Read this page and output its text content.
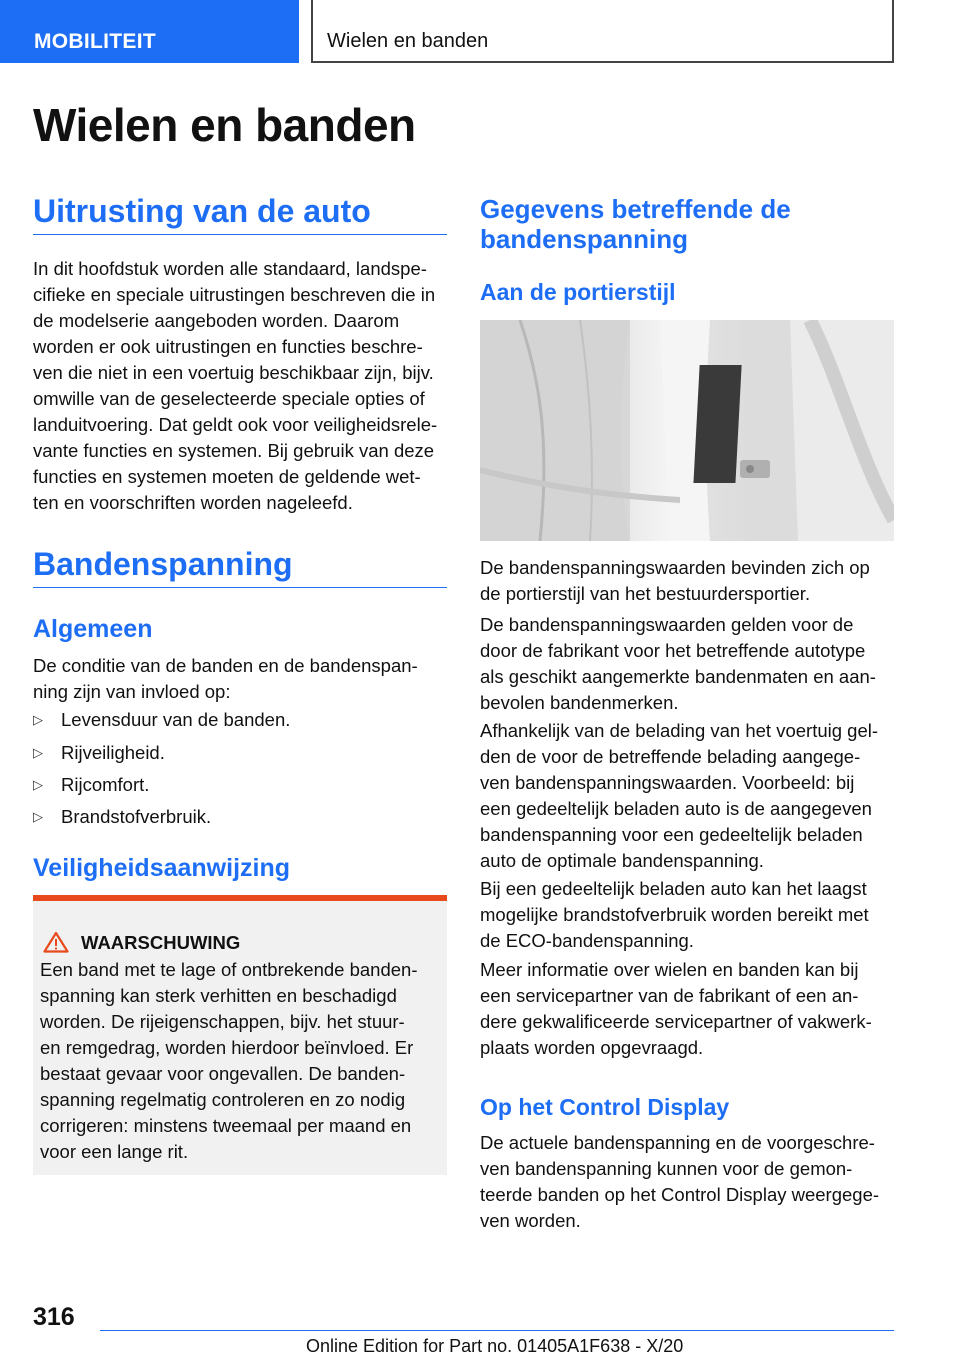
MOBILITEIT	Wielen en banden
Wielen en banden
Uitrusting van de auto
In dit hoofdstuk worden alle standaard, landspe-
cifieke en speciale uitrustingen beschreven die in
de modelserie aangeboden worden. Daarom
worden er ook uitrustingen en functies beschre-
ven die niet in een voertuig beschikbaar zijn, bijv.
omwille van de geselecteerde speciale opties of
landuitvoering. Dat geldt ook voor veiligheidsrele-
vante functies en systemen. Bij gebruik van deze
functies en systemen moeten de geldende wet-
ten en voorschriften worden nageleefd.
Bandenspanning
Algemeen
De conditie van de banden en de bandenspan-
ning zijn van invloed op:
▷ Levensduur van de banden.
▷ Rijveiligheid.
▷ Rijcomfort.
▷ Brandstofverbruik.
Veiligheidsaanwijzing
WAARSCHUWING
Een band met te lage of ontbrekende banden-
spanning kan sterk verhitten en beschadigd
worden. De rijeigenschappen, bijv. het stuur-
en remgedrag, worden hierdoor beïnvloed. Er
bestaat gevaar voor ongevallen. De banden-
spanning regelmatig controleren en zo nodig
corrigeren: minstens tweemaal per maand en
voor een lange rit.
Gegevens betreffende de
bandenspanning
Aan de portierstijl
De bandenspanningswaarden bevinden zich op
de portierstijl van het bestuurdersportier.
De bandenspanningswaarden gelden voor de
door de fabrikant voor het betreffende autotype
als geschikt aangemerkte bandenmaten en aan-
bevolen bandenmerken.
Afhankelijk van de belading van het voertuig gel-
den de voor de betreffende belading aangege-
ven bandenspanningswaarden. Voorbeeld: bij
een gedeeltelijk beladen auto is de aangegeven
bandenspanning voor een gedeeltelijk beladen
auto de optimale bandenspanning.
Bij een gedeeltelijk beladen auto kan het laagst
mogelijke brandstofverbruik worden bereikt met
de ECO-bandenspanning.
Meer informatie over wielen en banden kan bij
een servicepartner van de fabrikant of een an-
dere gekwalificeerde servicepartner of vakwerk-
plaats worden opgevraagd.
Op het Control Display
De actuele bandenspanning en de voorgeschre-
ven bandenspanning kunnen voor de gemon-
teerde banden op het Control Display weergege-
ven worden.
316
Online Edition for Part no. 01405A1F638 - X/20
